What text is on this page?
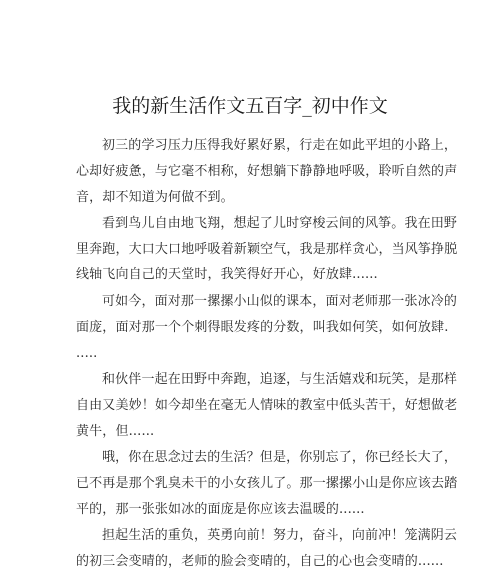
我的新生活作文五百字_初中作文
初三的学习压力压得我好累好累，行走在如此平坦的小路上，
心却好疲惫，与它毫不相称，好想躺下静静地呼吸，聆听自然的声
音，却不知道为何做不到。
看到鸟儿自由地飞翔，想起了儿时穿梭云间的风筝。我在田野
里奔跑，大口大口地呼吸着新颖空气，我是那样贪心，当风筝挣脱
线轴飞向自己的天堂时，我笑得好开心，好放肆......
可如今，面对那一摞摞小山似的课本，面对老师那一张冰冷的
面庞，面对那一个个刺得眼发疼的分数，叫我如何笑，如何放肆.
.....
和伙伴一起在田野中奔跑，追逐，与生活嬉戏和玩笑，是那样
自由又美妙！如今却坐在毫无人情味的教室中低头苦干，好想做老
黄牛，但......
哦，你在思念过去的生活？但是，你别忘了，你已经长大了，
已不再是那个乳臭未干的小女孩儿了。那一摞摞小山是你应该去踏
平的，那一张张如冰的面庞是你应该去温暖的......
担起生活的重负，英勇向前！努力，奋斗，向前冲！笼满阴云
的初三会变晴的，老师的脸会变晴的，自己的心也会变晴的......
